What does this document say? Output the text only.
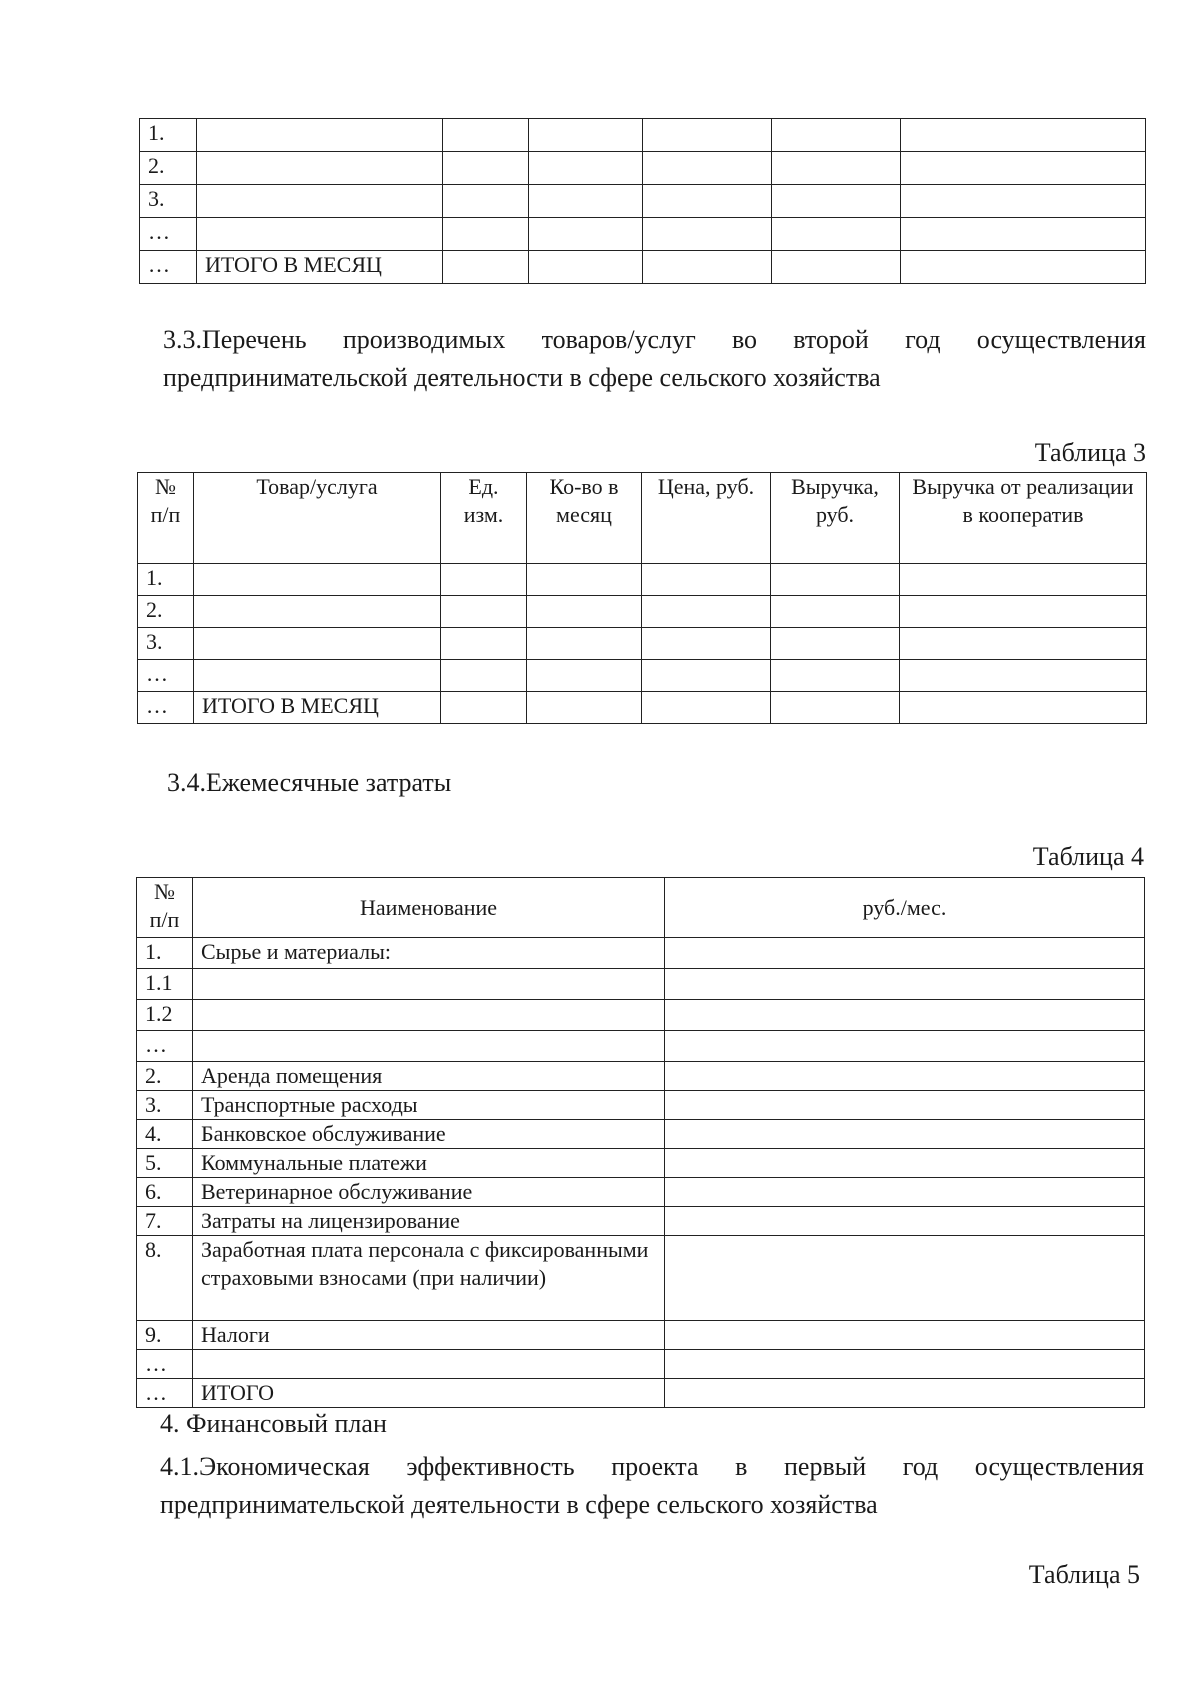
1.						
2.						
3.						
…						
…	ИТОГО В МЕСЯЦ					

3.3.Перечень производимых товаров/услуг во второй год осуществления предпринимательской деятельности в сфере сельского хозяйства

Таблица 3
№ п/п	Товар/услуга	Ед. изм.	Ко-во в месяц	Цена, руб.	Выручка, руб.	Выручка от реализации в кооператив
1.						
2.						
3.						
…						
…	ИТОГО В МЕСЯЦ					
3.4.Ежемесячные затраты
Таблица 4
№ п/п	Наименование	руб./мес.
1.	Сырье и материалы:	
1.1		
1.2		
…		
2.	Аренда помещения	
3.	Транспортные расходы	
4.	Банковское обслуживание	
5.	Коммунальные платежи	
6.	Ветеринарное обслуживание	
7.	Затраты на лицензирование	
8.	Заработная плата персонала с фиксированными страховыми взносами (при наличии)	
9.	Налоги	
…		
…	ИТОГО	
4. Финансовый план

4.1.Экономическая эффективность проекта в первый год осуществления предпринимательской деятельности в сфере сельского хозяйства

Таблица 5
